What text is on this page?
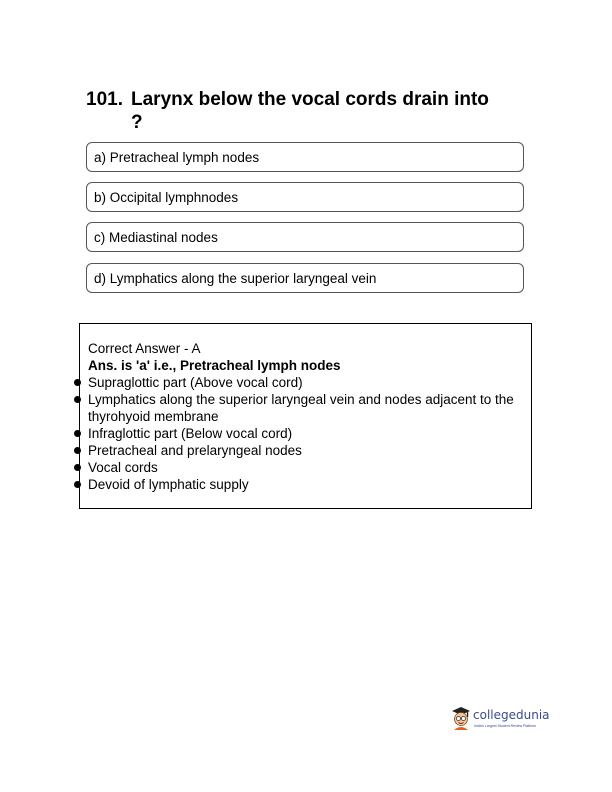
101. Larynx below the vocal cords drain into
?
a) Pretracheal lymph nodes
b) Occipital lymphnodes
c) Mediastinal nodes
d) Lymphatics along the superior laryngeal vein
Correct Answer - A
Ans. is 'a' i.e., Pretracheal lymph nodes
Supraglottic part (Above vocal cord)
Lymphatics along the superior laryngeal vein and nodes adjacent to the thyrohyoid membrane
Infraglottic part (Below vocal cord)
Pretracheal and prelaryngeal nodes
Vocal cords
Devoid of lymphatic supply
collegedunia
India's Largest Student Review Platform
